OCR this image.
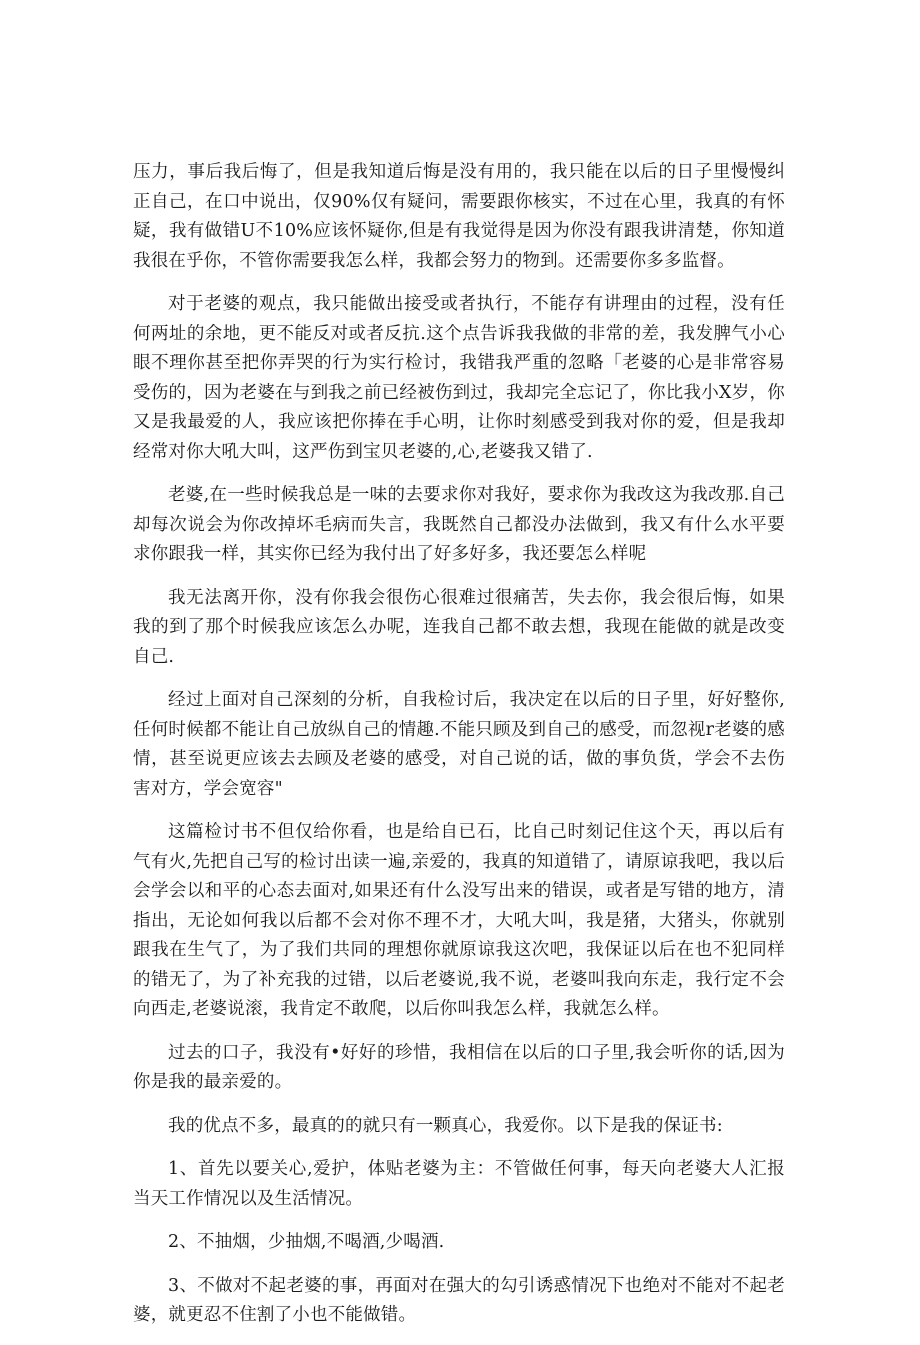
压力，事后我后悔了，但是我知道后悔是没有用的，我只能在以后的日子里慢慢纠正自己，在口中说出，仅90%仅有疑问，需要跟你核实，不过在心里，我真的有怀疑，我有做错U不10%应该怀疑你,但是有我觉得是因为你没有跟我讲清楚，你知道我很在乎你，不管你需要我怎么样，我都会努力的物到。还需要你多多监督。

对于老婆的观点，我只能做出接受或者执行，不能存有讲理由的过程，没有任何两址的余地，更不能反对或者反抗.这个点告诉我我做的非常的差，我发脾气小心眼不理你甚至把你弄哭的行为实行检讨，我错我严重的忽略「老婆的心是非常容易受伤的，因为老婆在与到我之前已经被伤到过，我却完全忘记了，你比我小X岁，你又是我最爱的人，我应该把你捧在手心明，让你时刻感受到我对你的爱，但是我却经常对你大吼大叫，这严伤到宝贝老婆的,心,老婆我又错了.

老婆,在一些时候我总是一味的去要求你对我好，要求你为我改这为我改那.自己却每次说会为你改掉坏毛病而失言，我既然自己都没办法做到，我又有什么水平要求你跟我一样，其实你已经为我付出了好多好多，我还要怎么样呢

我无法离开你，没有你我会很伤心很难过很痛苦，失去你，我会很后悔，如果我的到了那个时候我应该怎么办呢，连我自己都不敢去想，我现在能做的就是改变自己.

经过上面对自己深刻的分析，自我检讨后，我决定在以后的日子里，好好整你,任何时候都不能让自己放纵自己的情趣.不能只顾及到自己的感受，而忽视r老婆的感情，甚至说更应该去去顾及老婆的感受，对自己说的话，做的事负货，学会不去伤害对方，学会宽容"

这篇检讨书不但仅给你看，也是给自已石，比自己时刻记住这个天，再以后有气有火,先把自己写的检讨出读一遍,亲爱的，我真的知道错了，请原谅我吧，我以后会学会以和平的心态去面对,如果还有什么没写出来的错误，或者是写错的地方，清指出，无论如何我以后都不会对你不理不才，大吼大叫，我是猪，大猪头，你就别跟我在生气了，为了我们共同的理想你就原谅我这次吧，我保证以后在也不犯同样的错无了，为了补充我的过错，以后老婆说,我不说，老婆叫我向东走，我行定不会向西走,老婆说滚，我肯定不敢爬，以后你叫我怎么样，我就怎么样。

过去的口子，我没有•好好的珍惜，我相信在以后的口子里,我会听你的话,因为你是我的最亲爱的。

我的优点不多，最真的的就只有一颗真心，我爱你。以下是我的保证书:

1、首先以要关心,爱护，体贴老婆为主：不管做任何事，每天向老婆大人汇报当天工作情况以及生活情况。

2、不抽烟，少抽烟,不喝酒,少喝酒.

3、不做对不起老婆的事，再面对在强大的勾引诱惑情况下也绝对不能对不起老婆，就更忍不住割了小也不能做错。
